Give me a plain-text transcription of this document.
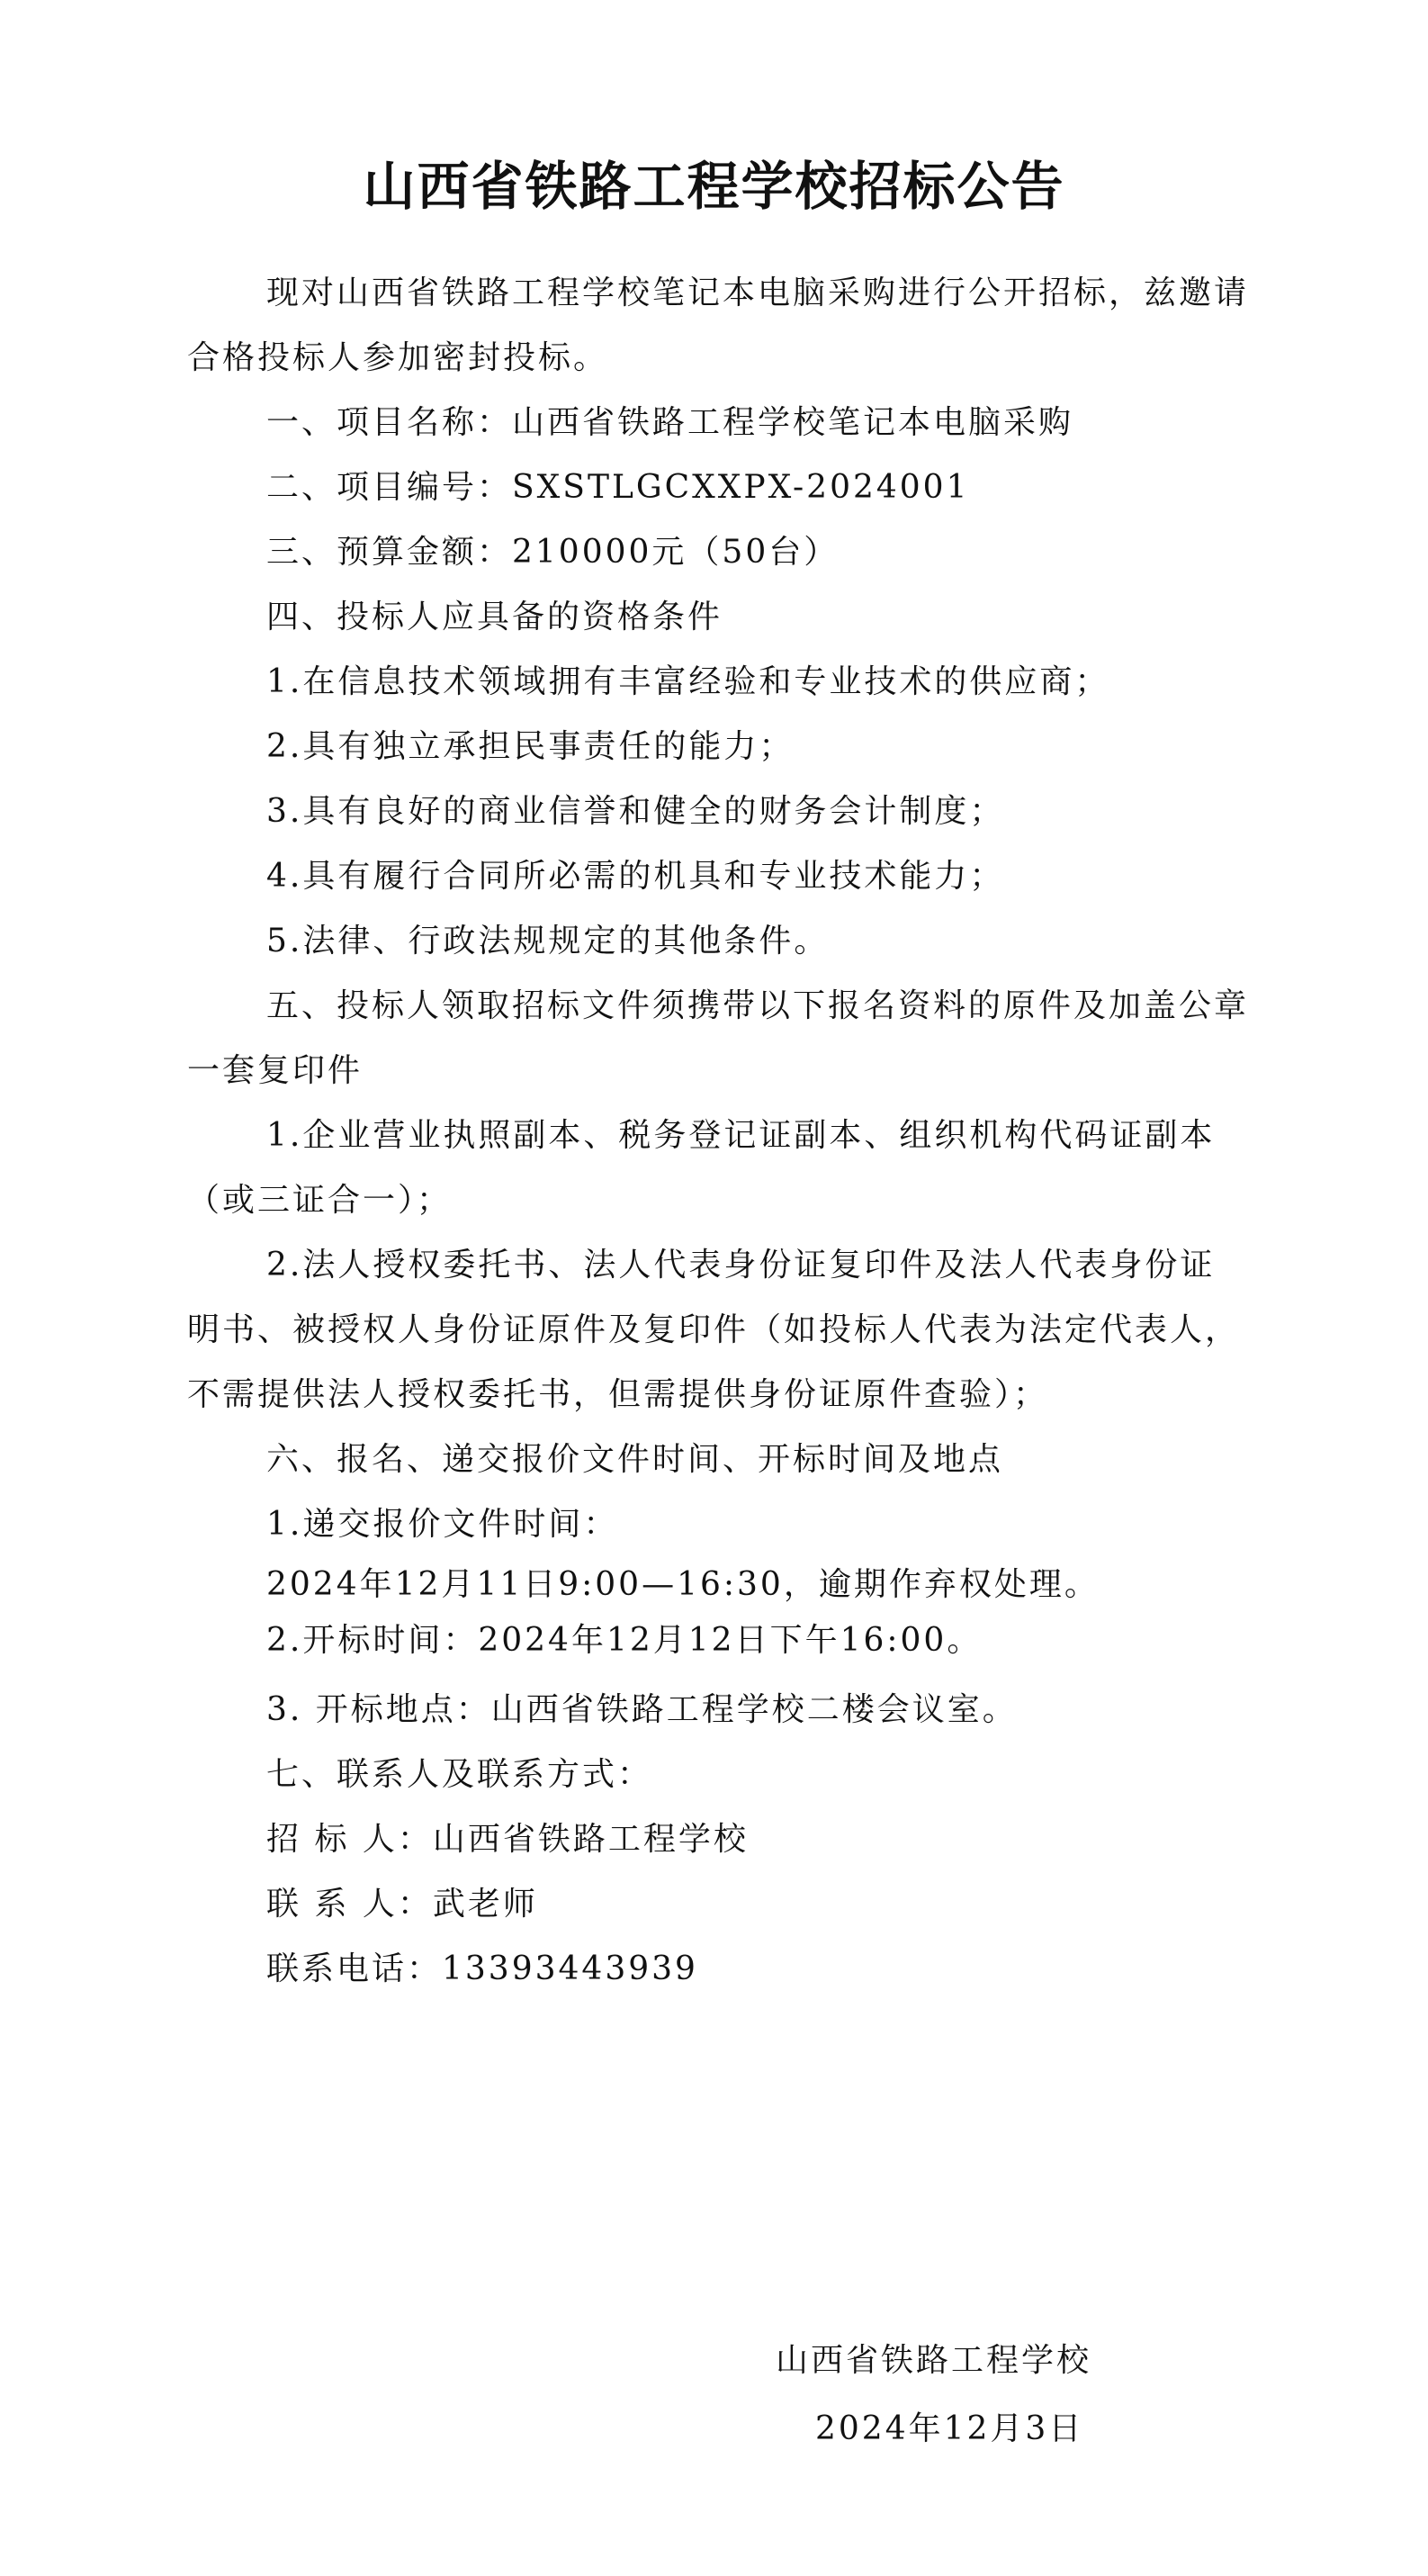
山西省铁路工程学校招标公告

现对山西省铁路工程学校笔记本电脑采购进行公开招标，兹邀请合格投标人参加密封投标。

一、项目名称：山西省铁路工程学校笔记本电脑采购

二、项目编号：SXSTLGCXXPX-2024001

三、预算金额：210000元（50台）

四、投标人应具备的资格条件

1.在信息技术领域拥有丰富经验和专业技术的供应商；

2.具有独立承担民事责任的能力；

3.具有良好的商业信誉和健全的财务会计制度；

4.具有履行合同所必需的机具和专业技术能力；

5.法律、行政法规规定的其他条件。

五、投标人领取招标文件须携带以下报名资料的原件及加盖公章一套复印件

1.企业营业执照副本、税务登记证副本、组织机构代码证副本（或三证合一）；

2.法人授权委托书、法人代表身份证复印件及法人代表身份证明书、被授权人身份证原件及复印件（如投标人代表为法定代表人，不需提供法人授权委托书，但需提供身份证原件查验）；

六、报名、递交报价文件时间、开标时间及地点

1.递交报价文件时间：

2024年12月11日9:00—16:30，逾期作弃权处理。

2.开标时间：2024年12月12日下午16:00。

3. 开标地点：山西省铁路工程学校二楼会议室。

七、联系人及联系方式：

招 标 人：山西省铁路工程学校

联 系 人：武老师

联系电话：13393443939

山西省铁路工程学校

2024年12月3日
